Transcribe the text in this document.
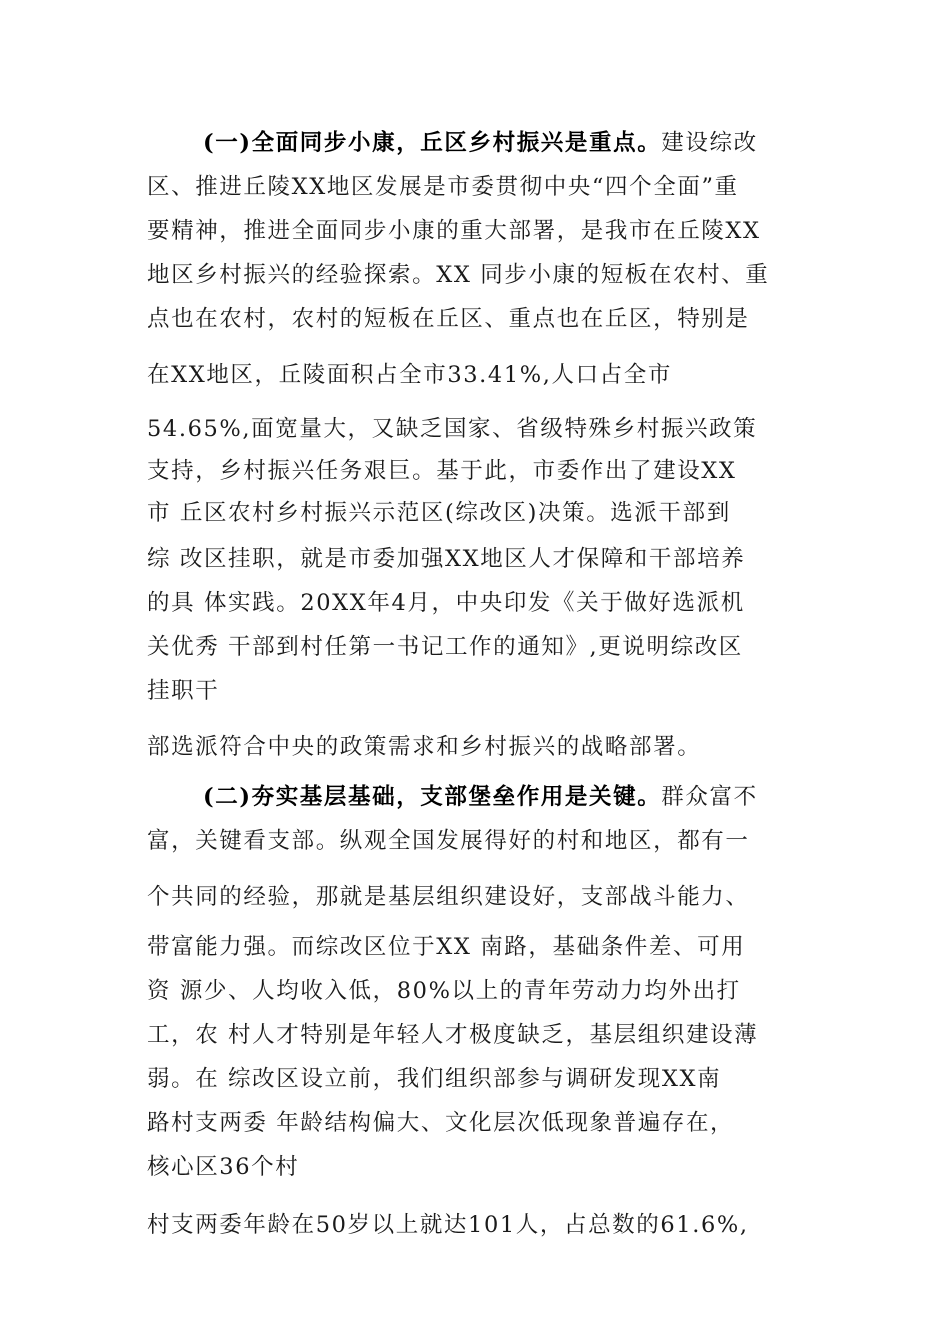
(一)全面同步小康，丘区乡村振兴是重点。建设综改
区、推进丘陵XX地区发展是市委贯彻中央“四个全面”重
要精神，推进全面同步小康的重大部署，是我市在丘陵XX
地区乡村振兴的经验探索。XX 同步小康的短板在农村、重
点也在农村，农村的短板在丘区、重点也在丘区，特别是
在XX地区，丘陵面积占全市33.41%,人口占全市
54.65%,面宽量大，又缺乏国家、省级特殊乡村振兴政策
支持，乡村振兴任务艰巨。基于此，市委作出了建设XX
市 丘区农村乡村振兴示范区(综改区)决策。选派干部到
综 改区挂职，就是市委加强XX地区人才保障和干部培养
的具 体实践。20XX年4月，中央印发《关于做好选派机
关优秀 干部到村任第一书记工作的通知》,更说明综改区
挂职干
部选派符合中央的政策需求和乡村振兴的战略部署。
(二)夯实基层基础，支部堡垒作用是关键。群众富不
富，关键看支部。纵观全国发展得好的村和地区，都有一
个共同的经验，那就是基层组织建设好，支部战斗能力、
带富能力强。而综改区位于XX 南路，基础条件差、可用
资 源少、人均收入低，80%以上的青年劳动力均外出打
工，农 村人才特别是年轻人才极度缺乏，基层组织建设薄
弱。在 综改区设立前，我们组织部参与调研发现XX南
路村支两委 年龄结构偏大、文化层次低现象普遍存在，
核心区36个村
村支两委年龄在50岁以上就达101人，占总数的61.6%,
